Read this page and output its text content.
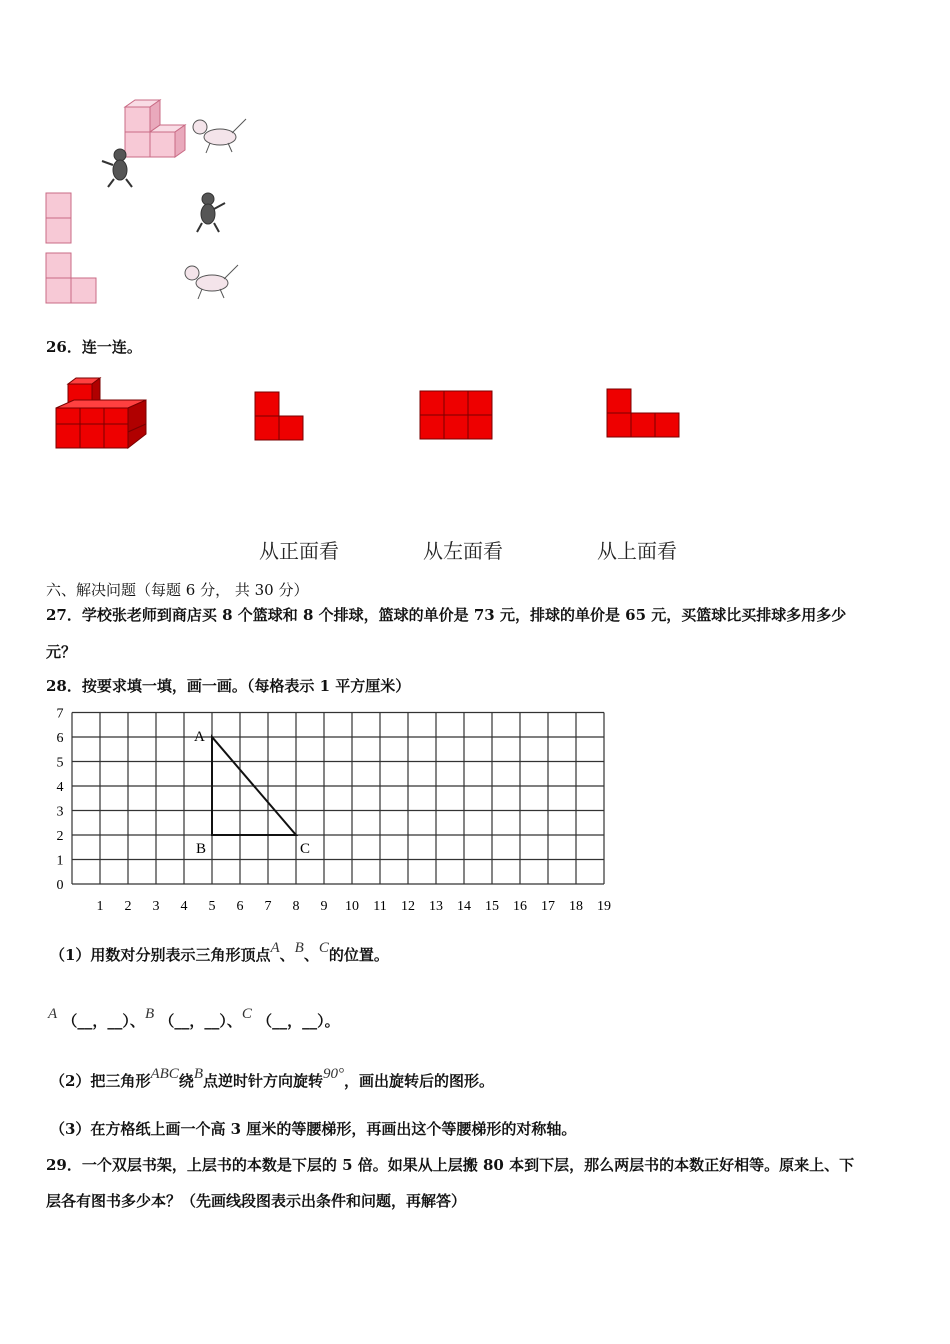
26．连一连。
从正面看	从左面看	从上面看
六、解决问题（每题 6 分， 共 30 分）
27．学校张老师到商店买 8 个篮球和 8 个排球，篮球的单价是 73 元，排球的单价是 65 元，买篮球比买排球多用多少
元？
28．按要求填一填，画一画。（每格表示 1 平方厘米）
1 2 3 4 5 6 7 8 9 10 11 12 13 14 15 16 17 18 19
0
1
2
3
4
5
6
7
A
B	C
（1）用数对分别表示三角形顶点A、B、C的位置。
A （__，__）、B （__，__）、C （__，__）。
（2）把三角形ABC绕B点逆时针方向旋转90°，画出旋转后的图形。
（3）在方格纸上画一个高 3 厘米的等腰梯形，再画出这个等腰梯形的对称轴。
29．一个双层书架，上层书的本数是下层的 5 倍。如果从上层搬 80 本到下层，那么两层书的本数正好相等。原来上、下
层各有图书多少本？（先画线段图表示出条件和问题，再解答）
